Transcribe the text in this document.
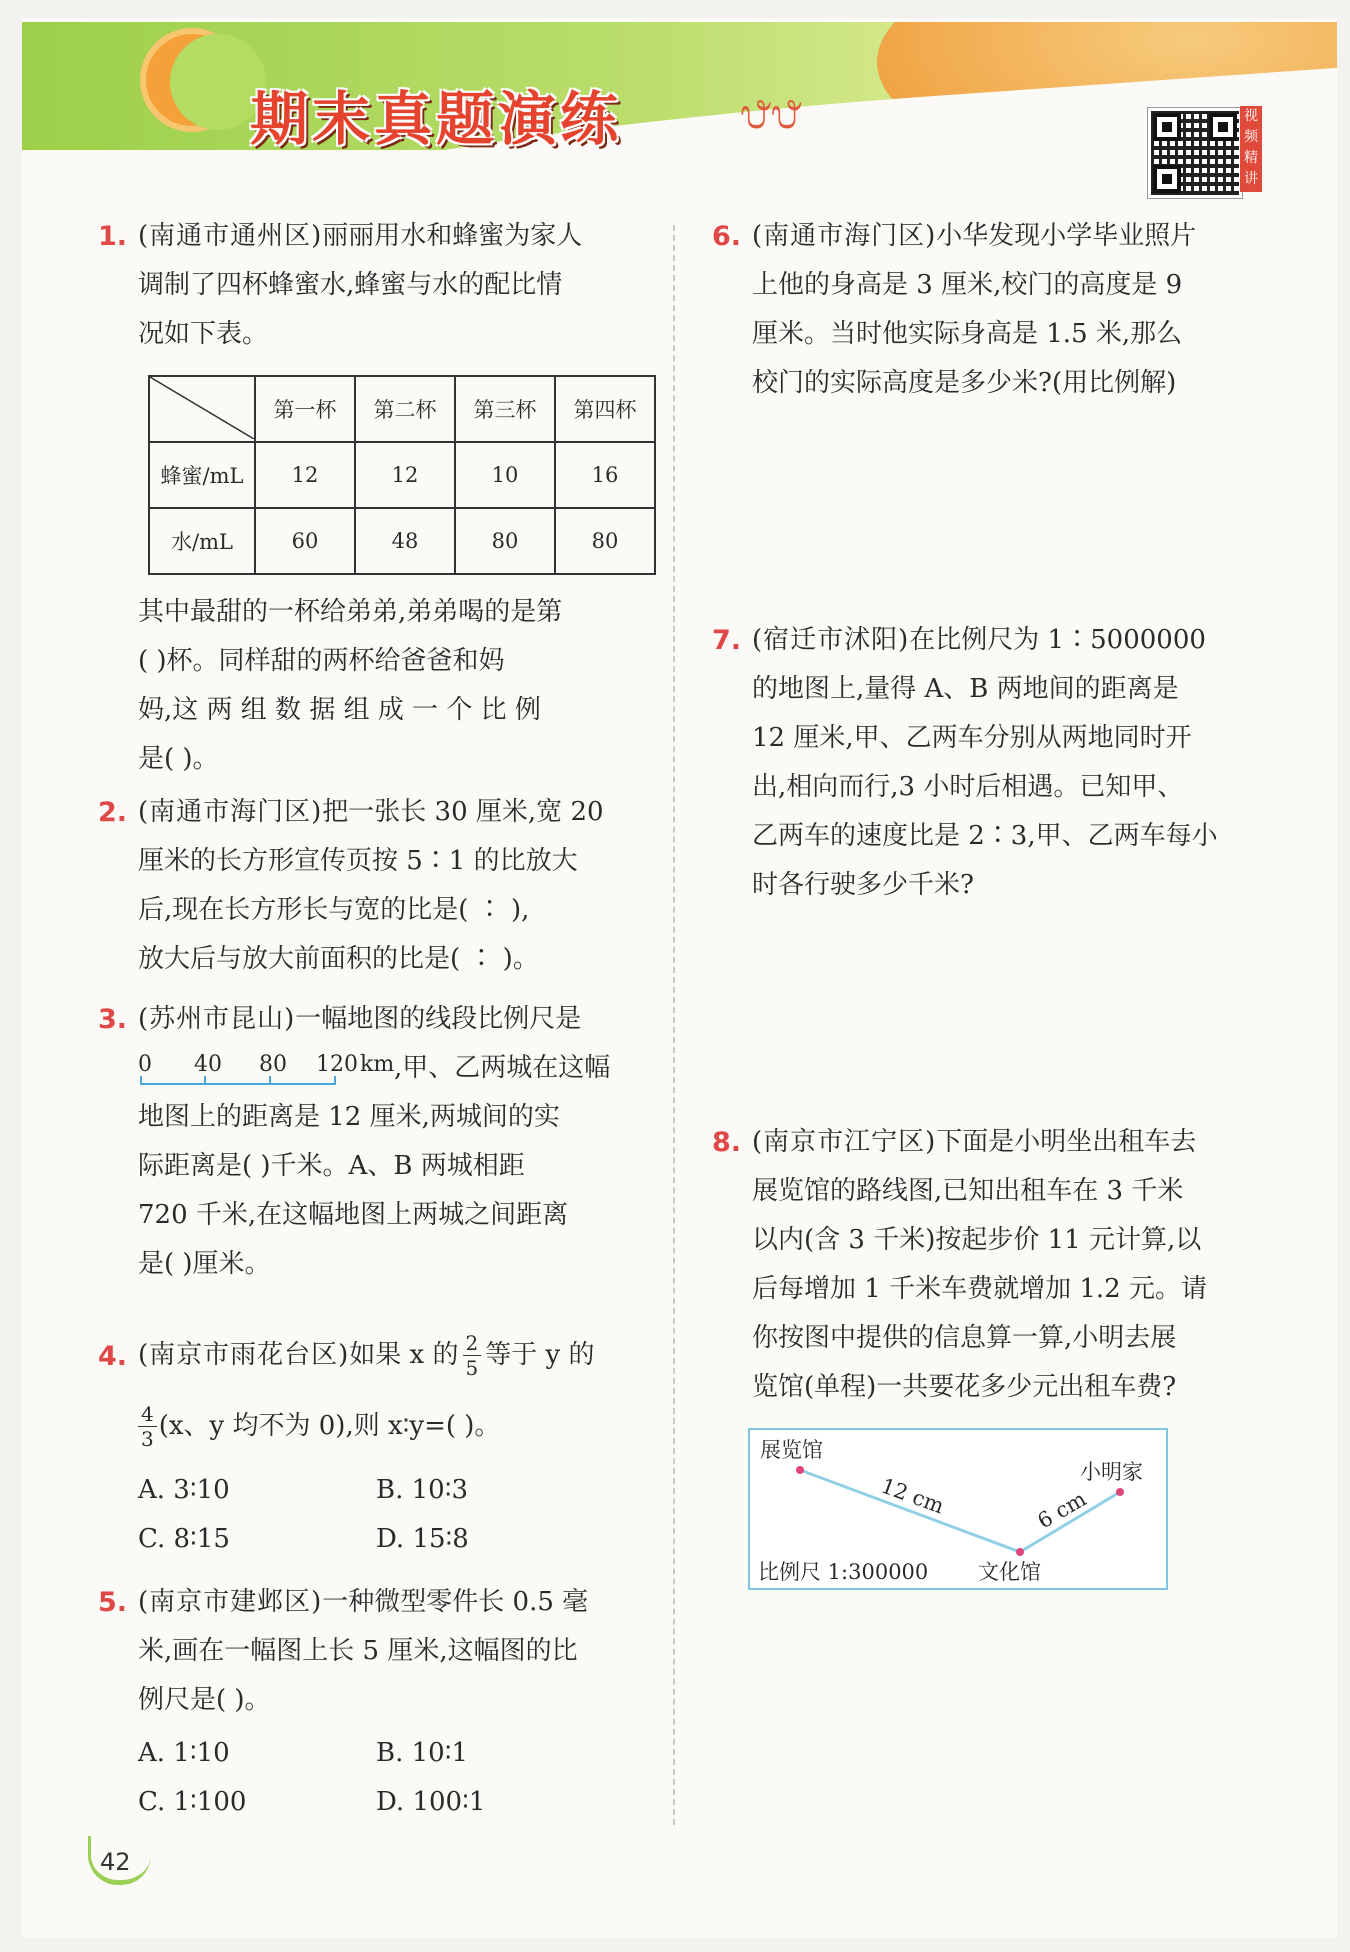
期末真题演练	᭘᭘	视频精讲
1. (南通市通州区)丽丽用水和蜂蜜为家人

调制了四杯蜂蜜水,蜂蜜与水的配比情

况如下表。

	第一杯	第二杯	第三杯	第四杯
蜂蜜/mL	12	12	10	16
水/mL	60	48	80	80

其中最甜的一杯给弟弟,弟弟喝的是第

( )杯。同样甜的两杯给爸爸和妈

妈,这 两 组 数 据 组 成 一 个 比 例

是( )。

2. (南通市海门区)把一张长 30 厘米,宽 20

厘米的长方形宣传页按 5∶1 的比放大

后,现在长方形长与宽的比是( ∶ ),

放大后与放大前面积的比是( ∶ )。

3. (苏州市昆山)一幅地图的线段比例尺是

0 40 80 120 km ,甲、乙两城在这幅

地图上的距离是 12 厘米,两城间的实

际距离是( )千米。A、B 两城相距

720 千米,在这幅地图上两城之间距离

是( )厘米。

4. (南京市雨花台区) 如果 x 的 2
5 等于 y 的

4
3 (x、y 均不为 0),则 x∶y=( )。

A. 3∶10	B. 10∶3

C. 8∶15	D. 15∶8

5. (南京市建邺区)一种微型零件长 0.5 毫

米,画在一幅图上长 5 厘米,这幅图的比

例尺是( )。

A. 1∶10	B. 10∶1

C. 1∶100	D. 100∶1

6. (南通市海门区)小华发现小学毕业照片

上他的身高是 3 厘米,校门的高度是 9

厘米。当时他实际身高是 1.5 米,那么

校门的实际高度是多少米?(用比例解)

7. (宿迁市沭阳)在比例尺为 1∶5000000

的地图上,量得 A、B 两地间的距离是

12 厘米,甲、乙两车分别从两地同时开

出,相向而行,3 小时后相遇。已知甲、

乙两车的速度比是 2∶3,甲、乙两车每小

时各行驶多少千米?

8. (南京市江宁区)下面是小明坐出租车去

展览馆的路线图,已知出租车在 3 千米

以内(含 3 千米)按起步价 11 元计算,以

后每增加 1 千米车费就增加 1.2 元。请

你按图中提供的信息算一算,小明去展

览馆(单程)一共要花多少元出租车费?

展览馆
小明家
文化馆
12 cm	6 cm
比例尺 1:300000
42
